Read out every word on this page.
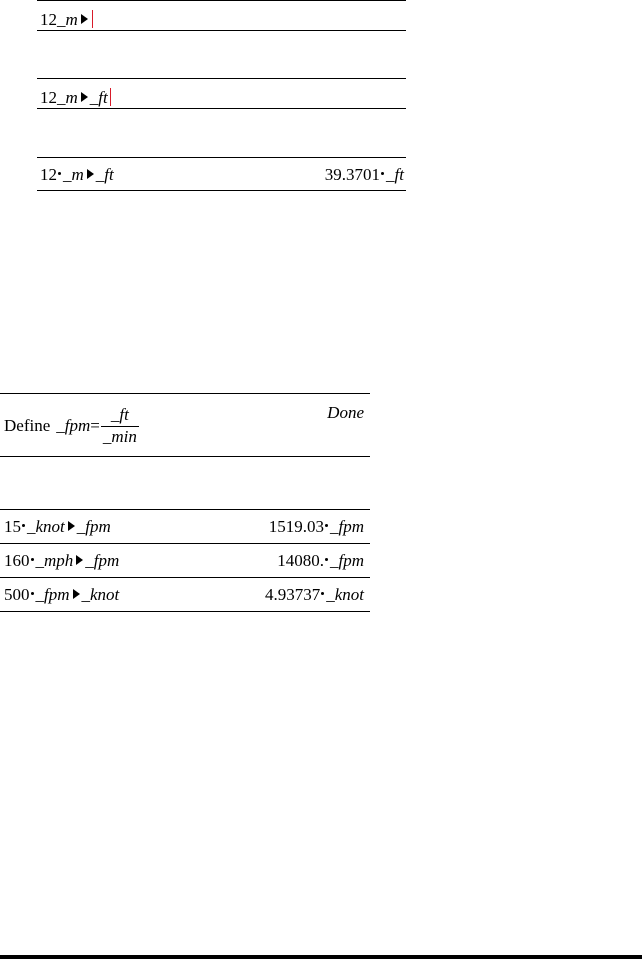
12 _m
12 _m _ft
12 _m _ft	39.3701 _ft
Define _fpm = $\frac{\_ft}{\_\min}$	Done
15 _knot _fpm	1519.03 _fpm
160 _mph _fpm	14080. _fpm
500 _fpm _knot	4.93737 _knot
